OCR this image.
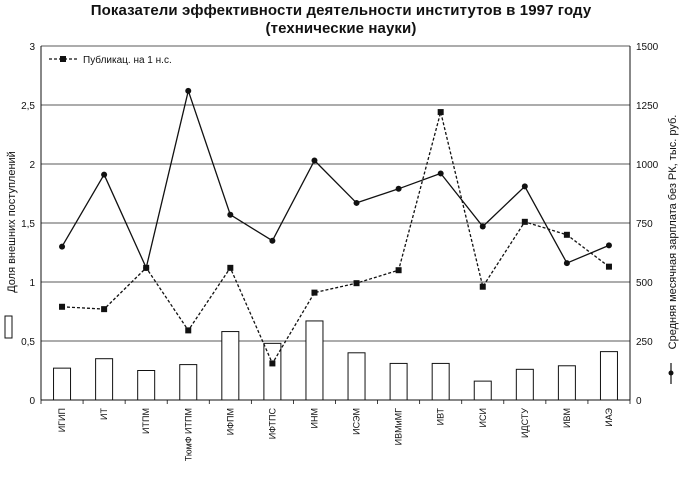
Показатели эффективности деятельности институтов в 1997 году
(технические науки)
0
0,5
1
1,5
2
2,5
3
0
250
500
750
1000
1250
1500
ИГИП	ИТ	ИТПМ	ТюмФ ИТПМ	ИФПМ	ИФТПС	ИНМ	ИСЭМ	ИВМиМГ	ИВТ	ИСИ	ИДСТУ	ИВМ	ИАЭ
Публикац. на 1 н.с.
Доля внешних поступлений	Средняя месячная зарплата без РК, тыс. руб.
